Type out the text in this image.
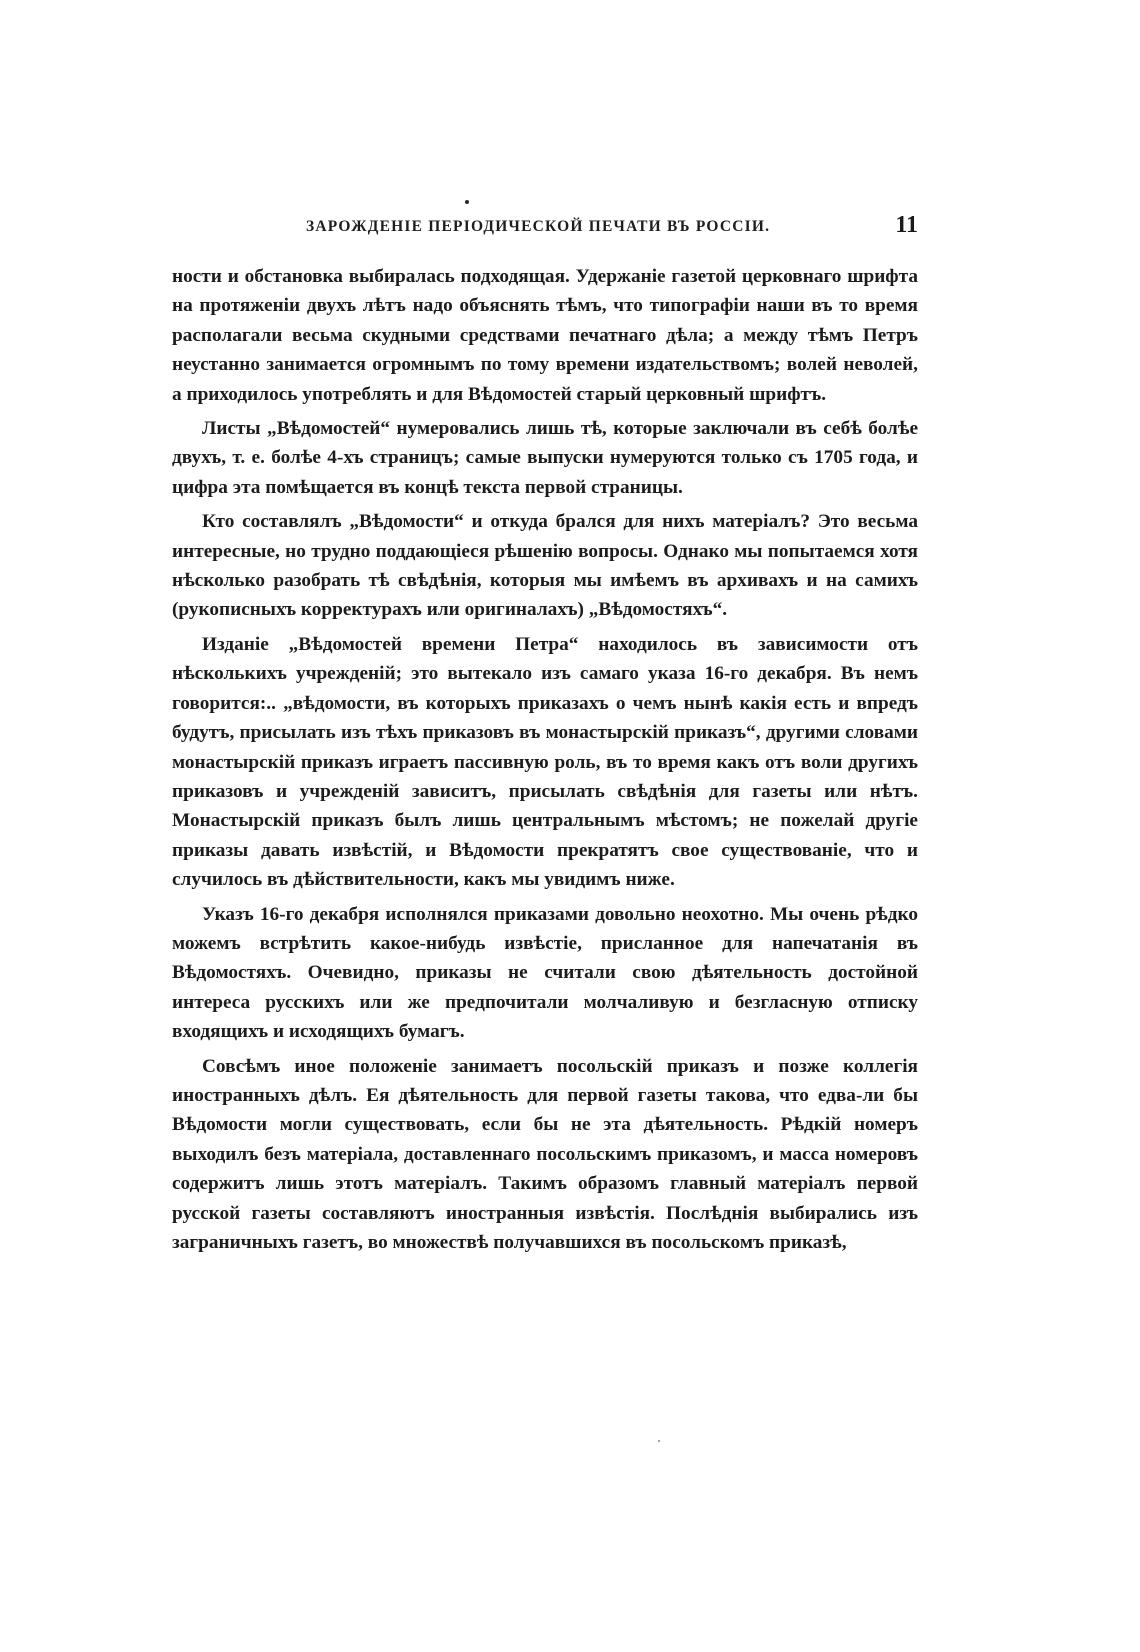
ЗАРОЖДЕНІЕ ПЕРІОДИЧЕСКОЙ ПЕЧАТИ ВЪ РОССІИ.	11

ности и обстановка выбиралась подходящая. Удержаніе газетой церковнаго шрифта на протяженіи двухъ лѣтъ надо объяснять тѣмъ, что типографіи наши въ то время располагали весьма скудными средствами печатнаго дѣла; а между тѣмъ Петръ неустанно занимается огромнымъ по тому времени издательствомъ; волей неволей, а приходилось употреблять и для Вѣдомостей старый церковный шрифтъ.

Листы „Вѣдомостей“ нумеровались лишь тѣ, которые заключали въ себѣ болѣе двухъ, т. е. болѣе 4-хъ страницъ; самые выпуски нумеруются только съ 1705 года, и цифра эта помѣщается въ концѣ текста первой страницы.

Кто составлялъ „Вѣдомости“ и откуда брался для нихъ матеріалъ? Это весьма интересные, но трудно поддающіеся рѣшенію вопросы. Однако мы попытаемся хотя нѣсколько разобрать тѣ свѣдѣнія, которыя мы имѣемъ въ архивахъ и на самихъ (рукописныхъ корректурахъ или оригиналахъ) „Вѣдомостяхъ“.

Изданіе „Вѣдомостей времени Петра“ находилось въ зависимости отъ нѣсколькихъ учрежденій; это вытекало изъ самаго указа 16-го декабря. Въ немъ говорится:.. „вѣдомости, въ которыхъ приказахъ о чемъ нынѣ какія есть и впредъ будутъ, присылать изъ тѣхъ приказовъ въ монастырскій приказъ“, другими словами монастырскій приказъ играетъ пассивную роль, въ то время какъ отъ воли другихъ приказовъ и учрежденій зависитъ, присылать свѣдѣнія для газеты или нѣтъ. Монастырскій приказъ былъ лишь центральнымъ мѣстомъ; не пожелай другіе приказы давать извѣстій, и Вѣдомости прекратятъ свое существованіе, что и случилось въ дѣйствительности, какъ мы увидимъ ниже.

Указъ 16-го декабря исполнялся приказами довольно неохотно. Мы очень рѣдко можемъ встрѣтить какое-нибудь извѣстіе, присланное для напечатанія въ Вѣдомостяхъ. Очевидно, приказы не считали свою дѣятельность достойной интереса русскихъ или же предпочитали молчаливую и безгласную отписку входящихъ и исходящихъ бумагъ.

Совсѣмъ иное положеніе занимаетъ посольскій приказъ и позже коллегія иностранныхъ дѣлъ. Ея дѣятельность для первой газеты такова, что едва-ли бы Вѣдомости могли существовать, если бы не эта дѣятельность. Рѣдкій номеръ выходилъ безъ матеріала, доставленнаго посольскимъ приказомъ, и масса номеровъ содержитъ лишь этотъ матеріалъ. Такимъ образомъ главный матеріалъ первой русской газеты составляютъ иностранныя извѣстія. Послѣднія выбирались изъ заграничныхъ газетъ, во множествѣ получавшихся въ посольскомъ приказѣ,
